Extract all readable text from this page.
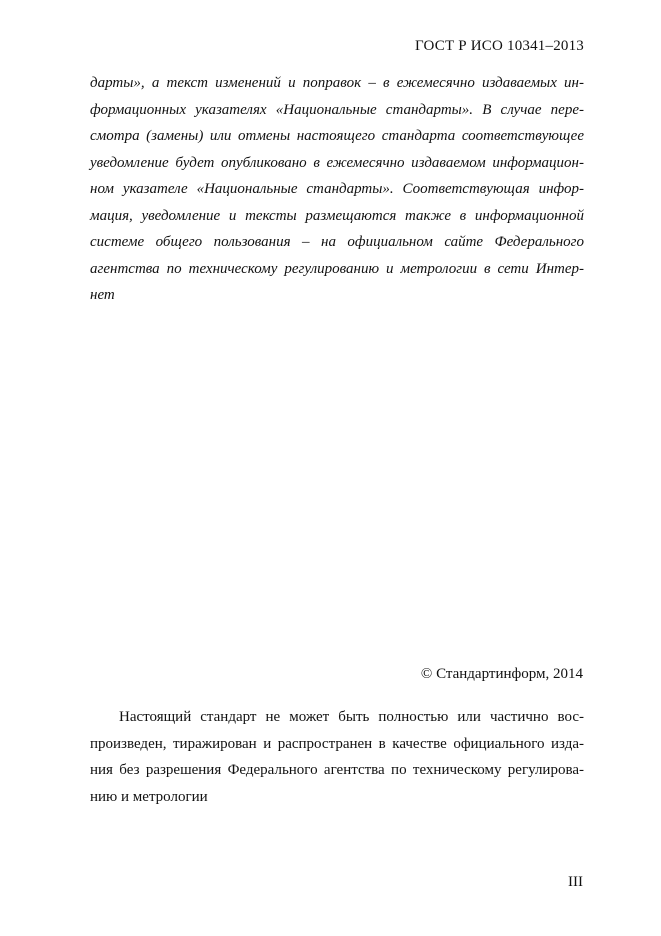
ГОСТ Р ИСО 10341–2013
дарты», а текст изменений и поправок – в ежемесячно издаваемых ин-
формационных указателях «Национальные стандарты». В случае пере-
смотра (замены) или отмены настоящего стандарта соответствующее
уведомление будет опубликовано в ежемесячно издаваемом информацион-
ном указателе «Национальные стандарты». Соответствующая инфор-
мация, уведомление и тексты размещаются также в информационной
системе общего пользования – на официальном сайте Федерального
агентства по техническому регулированию и метрологии в сети Интер-
нет
© Стандартинформ, 2014
Настоящий стандарт не может быть полностью или частично вос-
произведен, тиражирован и распространен в качестве официального изда-
ния без разрешения Федерального агентства по техническому регулирова-
нию и метрологии
III
